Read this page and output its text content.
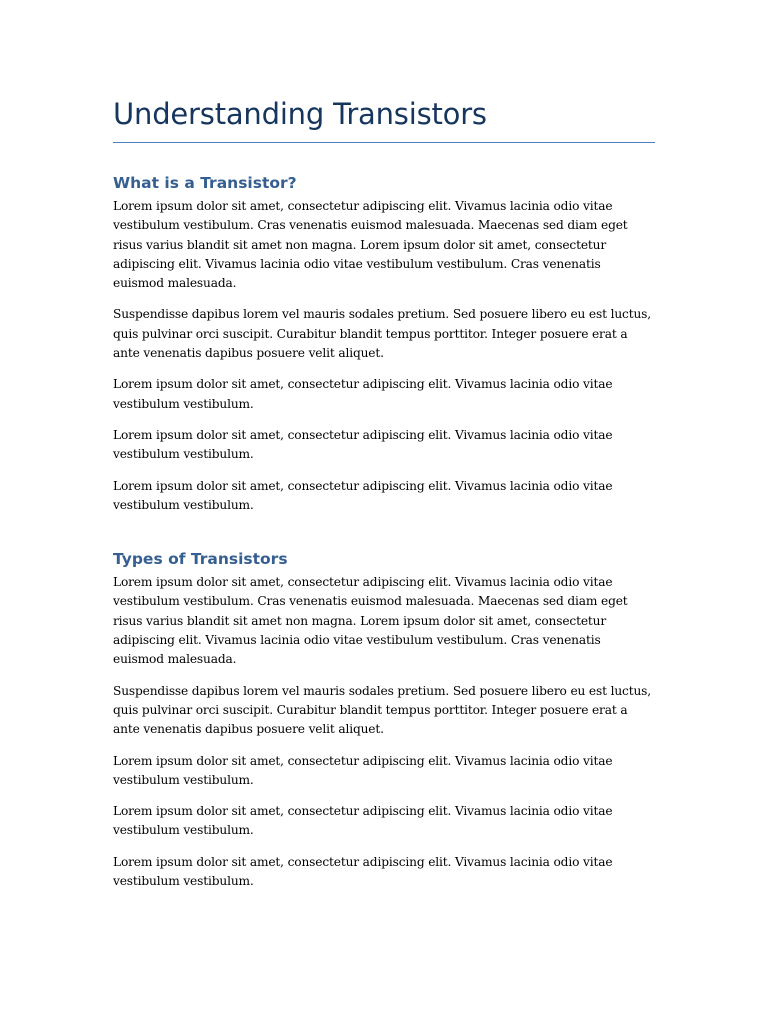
Understanding Transistors
What is a Transistor?

Lorem ipsum dolor sit amet, consectetur adipiscing elit. Vivamus lacinia odio vitae vestibulum vestibulum. Cras venenatis euismod malesuada. Maecenas sed diam eget risus varius blandit sit amet non magna. Lorem ipsum dolor sit amet, consectetur adipiscing elit. Vivamus lacinia odio vitae vestibulum vestibulum. Cras venenatis euismod malesuada.

Suspendisse dapibus lorem vel mauris sodales pretium. Sed posuere libero eu est luctus, quis pulvinar orci suscipit. Curabitur blandit tempus porttitor. Integer posuere erat a ante venenatis dapibus posuere velit aliquet.

Lorem ipsum dolor sit amet, consectetur adipiscing elit. Vivamus lacinia odio vitae vestibulum vestibulum.

Lorem ipsum dolor sit amet, consectetur adipiscing elit. Vivamus lacinia odio vitae vestibulum vestibulum.

Lorem ipsum dolor sit amet, consectetur adipiscing elit. Vivamus lacinia odio vitae vestibulum vestibulum.

Types of Transistors

Lorem ipsum dolor sit amet, consectetur adipiscing elit. Vivamus lacinia odio vitae vestibulum vestibulum. Cras venenatis euismod malesuada. Maecenas sed diam eget risus varius blandit sit amet non magna. Lorem ipsum dolor sit amet, consectetur adipiscing elit. Vivamus lacinia odio vitae vestibulum vestibulum. Cras venenatis euismod malesuada.

Suspendisse dapibus lorem vel mauris sodales pretium. Sed posuere libero eu est luctus, quis pulvinar orci suscipit. Curabitur blandit tempus porttitor. Integer posuere erat a ante venenatis dapibus posuere velit aliquet.

Lorem ipsum dolor sit amet, consectetur adipiscing elit. Vivamus lacinia odio vitae vestibulum vestibulum.

Lorem ipsum dolor sit amet, consectetur adipiscing elit. Vivamus lacinia odio vitae vestibulum vestibulum.

Lorem ipsum dolor sit amet, consectetur adipiscing elit. Vivamus lacinia odio vitae vestibulum vestibulum.
